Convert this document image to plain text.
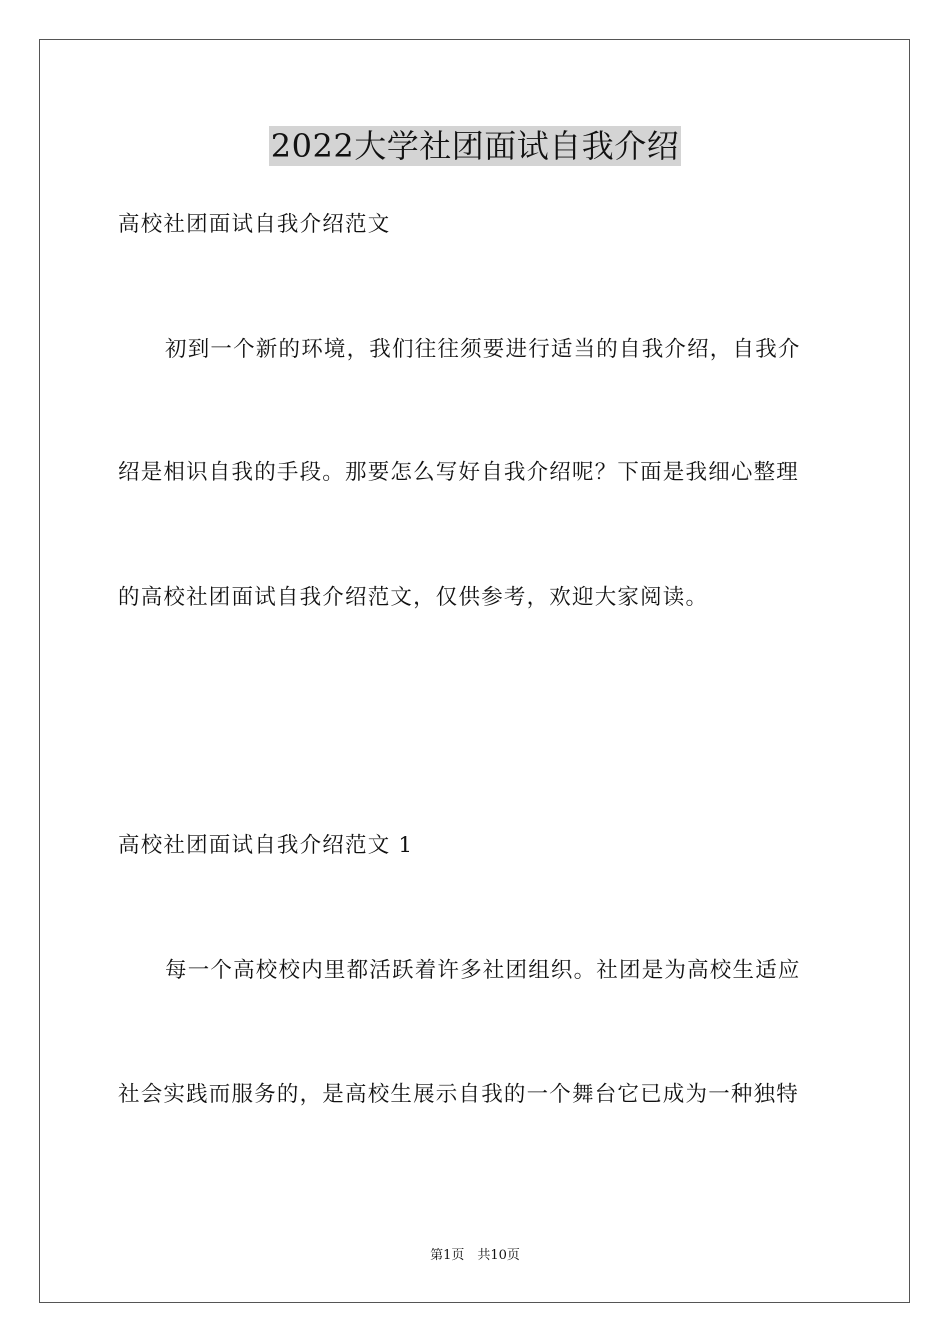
2022大学社团面试自我介绍
高校社团面试自我介绍范文
初到一个新的环境，我们往往须要进行适当的自我介绍，自我介
绍是相识自我的手段。那要怎么写好自我介绍呢？下面是我细心整理
的高校社团面试自我介绍范文，仅供参考，欢迎大家阅读。
高校社团面试自我介绍范文 1
每一个高校校内里都活跃着许多社团组织。社团是为高校生适应
社会实践而服务的，是高校生展示自我的一个舞台它已成为一种独特
第1页　共10页
